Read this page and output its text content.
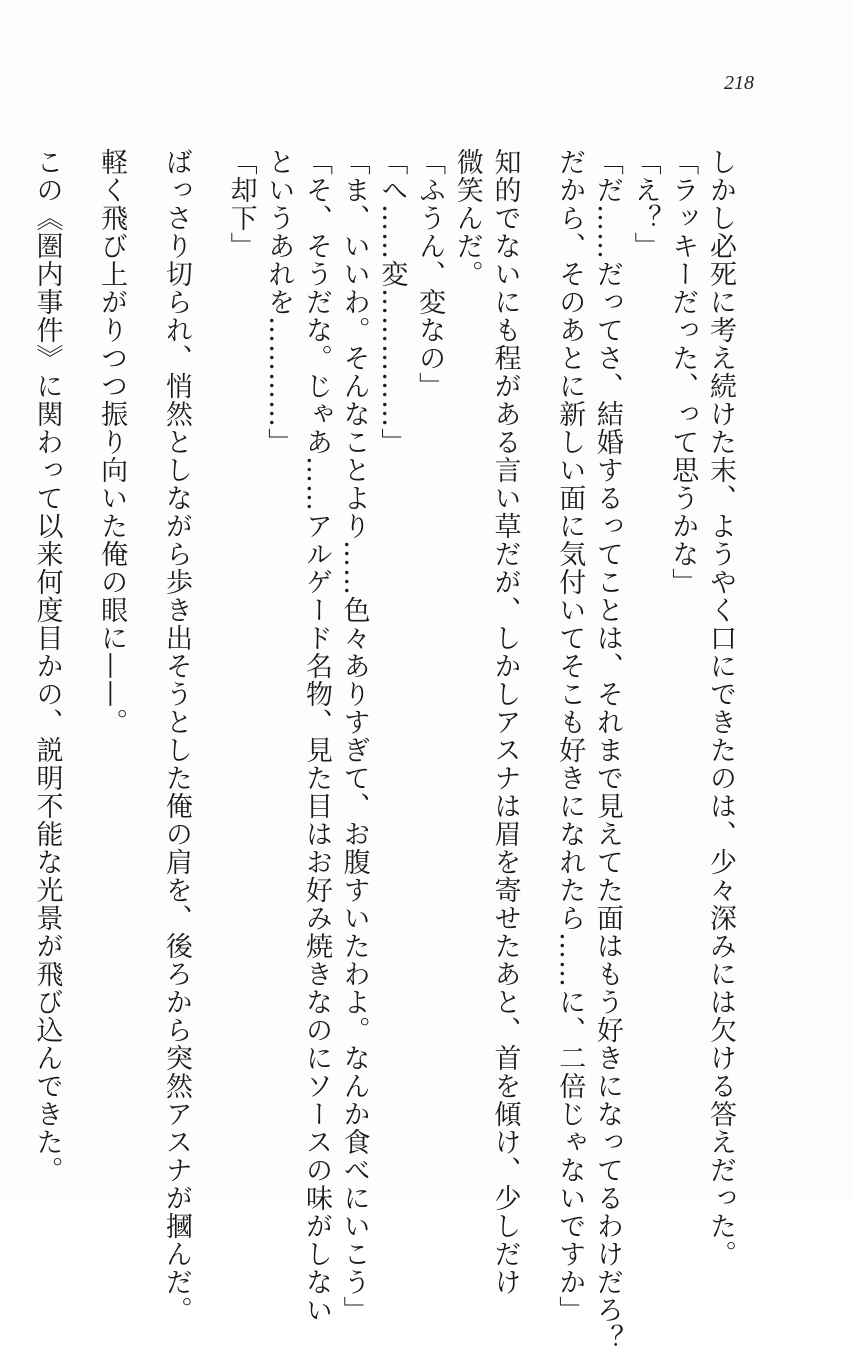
218
しかし必死に考え続けた末、ようやく口にできたのは、少々深みには欠ける答えだった。
「ラッキーだった、って思うかな」
「え？」
「だ……だってさ、結婚するってことは、それまで見えてた面はもう好きになってるわけだろ？
だから、そのあとに新しい面に気付いてそこも好きになれたら……に、二倍じゃないですか」
知的でないにも程がある言い草だが、しかしアスナは眉を寄せたあと、首を傾け、少しだけ
微笑んだ。
「ふうん、変なの」
「へ……変……………」
「ま、いいわ。そんなことより……色々ありすぎて、お腹すいたわよ。なんか食べにいこう」
「そ、そうだな。じゃあ……アルゲード名物、見た目はお好み焼きなのにソースの味がしない
というあれを…………」
「却下」
ばっさり切られ、悄然としながら歩き出そうとした俺の肩を、後ろから突然アスナが摑んだ。
軽く飛び上がりつつ振り向いた俺の眼に——。
この《圏内事件》に関わって以来何度目かの、説明不能な光景が飛び込んできた。
